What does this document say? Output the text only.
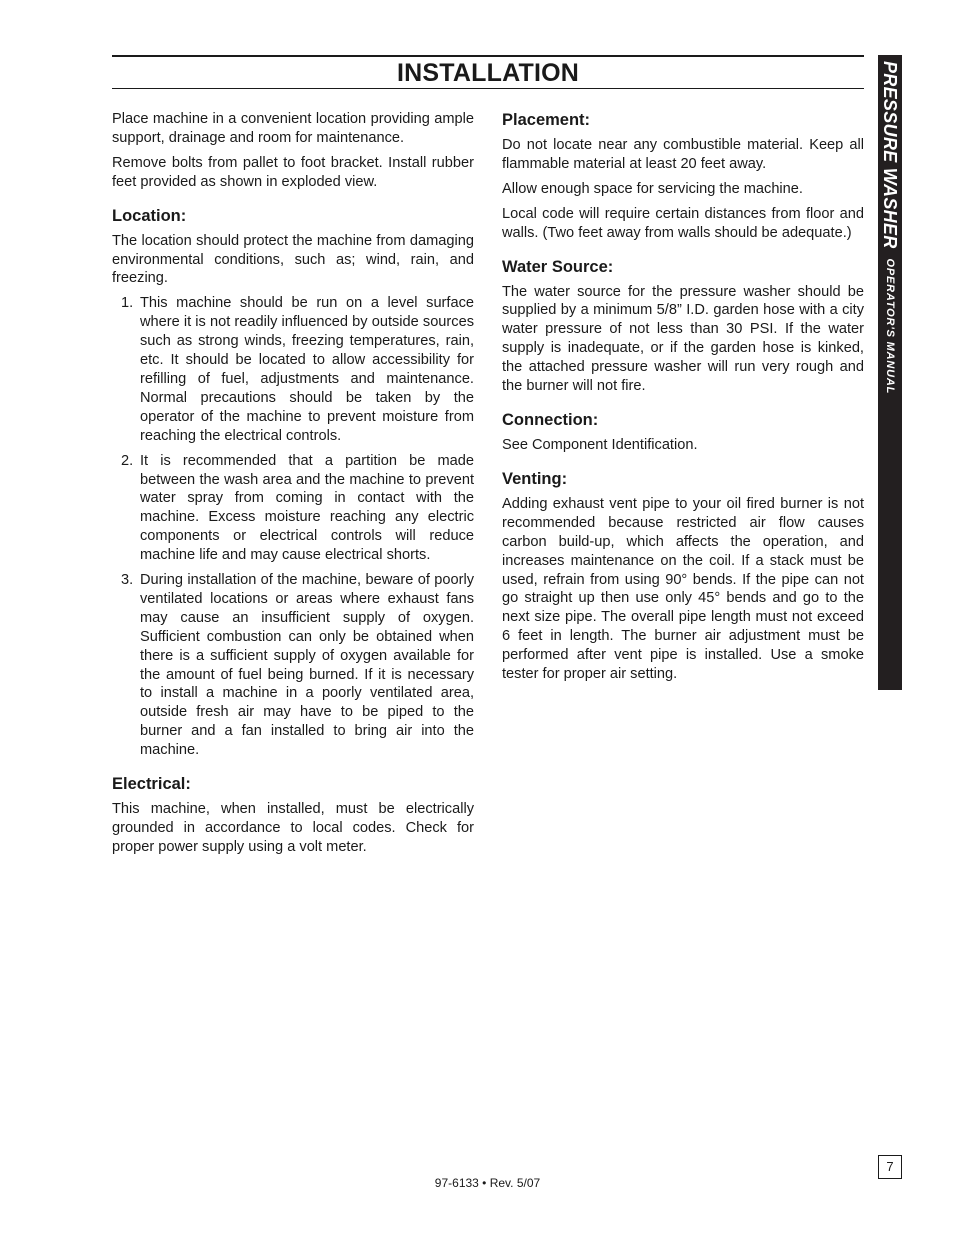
INSTALLATION

Place machine in a convenient location providing ample support, drainage and room for maintenance.

Remove bolts from pallet to foot bracket. Install rubber feet provided as shown in exploded view.

Location:

The location should protect the machine from damaging environmental conditions, such as; wind, rain, and freezing.

1. This machine should be run on a level surface where it is not readily influenced by outside sources such as strong winds, freezing temperatures, rain, etc. It should be located to allow accessibility for refilling of fuel, adjustments and maintenance. Normal precautions should be taken by the operator of the machine to prevent moisture from reaching the electrical controls.
2. It is recommended that a partition be made between the wash area and the machine to prevent water spray from coming in contact with the machine. Excess moisture reaching any electric components or electrical controls will reduce machine life and may cause electrical shorts.
3. During installation of the machine, beware of poorly ventilated locations or areas where exhaust fans may cause an insufficient supply of oxygen. Sufficient combustion can only be obtained when there is a sufficient supply of oxygen available for the amount of fuel being burned. If it is necessary to install a machine in a poorly ventilated area, outside fresh air may have to be piped to the burner and a fan installed to bring air into the machine.
Electrical:

This machine, when installed, must be electrically grounded in accordance to local codes. Check for proper power supply using a volt meter.

Placement:

Do not locate near any combustible material. Keep all flammable material at least 20 feet away.

Allow enough space for servicing the machine.

Local code will require certain distances from floor and walls. (Two feet away from walls should be adequate.)

Water Source:

The water source for the pressure washer should be supplied by a minimum 5/8” I.D. garden hose with a city water pressure of not less than 30 PSI. If the water supply is inadequate, or if the garden hose is kinked, the attached pressure washer will run very rough and the burner will not fire.

Connection:

See Component Identification.

Venting:

Adding exhaust vent pipe to your oil fired burner is not recommended because restricted air flow causes carbon build-up, which affects the operation, and increases maintenance on the coil. If a stack must be used, refrain from using 90° bends. If the pipe can not go straight up then use only 45° bends and go to the next size pipe. The overall pipe length must not exceed 6 feet in length. The burner air adjustment must be performed after vent pipe is installed. Use a smoke tester for proper air setting.

PRESSURE WASHER
OPERATOR'S MANUAL
7
97-6133 • Rev. 5/07
